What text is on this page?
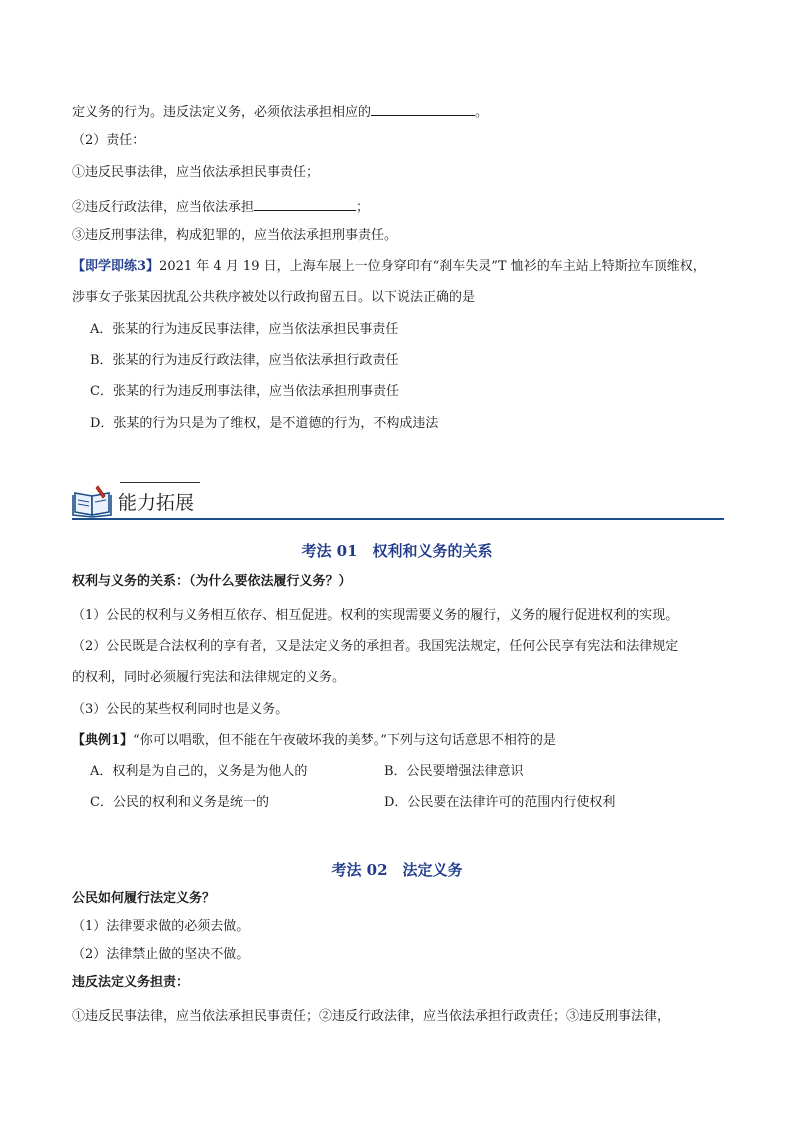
定义务的行为。违反法定义务，必须依法承担相应的	。
（2）责任：
①违反民事法律，应当依法承担民事责任；
②违反行政法律，应当依法承担	；
③违反刑事法律，构成犯罪的，应当依法承担刑事责任。
【即学即练3】2021 年 4 月 19 日，上海车展上一位身穿印有“刹车失灵”T 恤衫的车主站上特斯拉车顶维权，
涉事女子张某因扰乱公共秩序被处以行政拘留五日。以下说法正确的是
A．张某的行为违反民事法律，应当依法承担民事责任
B．张某的行为违反行政法律，应当依法承担行政责任
C．张某的行为违反刑事法律，应当依法承担刑事责任
D．张某的行为只是为了维权，是不道德的行为，不构成违法
能力拓展
考法 01　权利和义务的关系
权利与义务的关系：（为什么要依法履行义务？）
（1）公民的权利与义务相互依存、相互促进。权利的实现需要义务的履行，义务的履行促进权利的实现。
（2）公民既是合法权利的享有者，又是法定义务的承担者。我国宪法规定，任何公民享有宪法和法律规定
的权利，同时必须履行宪法和法律规定的义务。
（3）公民的某些权利同时也是义务。
【典例1】“你可以唱歌，但不能在午夜破坏我的美梦。”下列与这句话意思不相符的是
A．权利是为自己的，义务是为他人的	B．公民要增强法律意识
C．公民的权利和义务是统一的	D．公民要在法律许可的范围内行使权利
考法 02　法定义务
公民如何履行法定义务？
（1）法律要求做的必须去做。
（2）法律禁止做的坚决不做。
违反法定义务担责：
①违反民事法律，应当依法承担民事责任；②违反行政法律，应当依法承担行政责任；③违反刑事法律，
